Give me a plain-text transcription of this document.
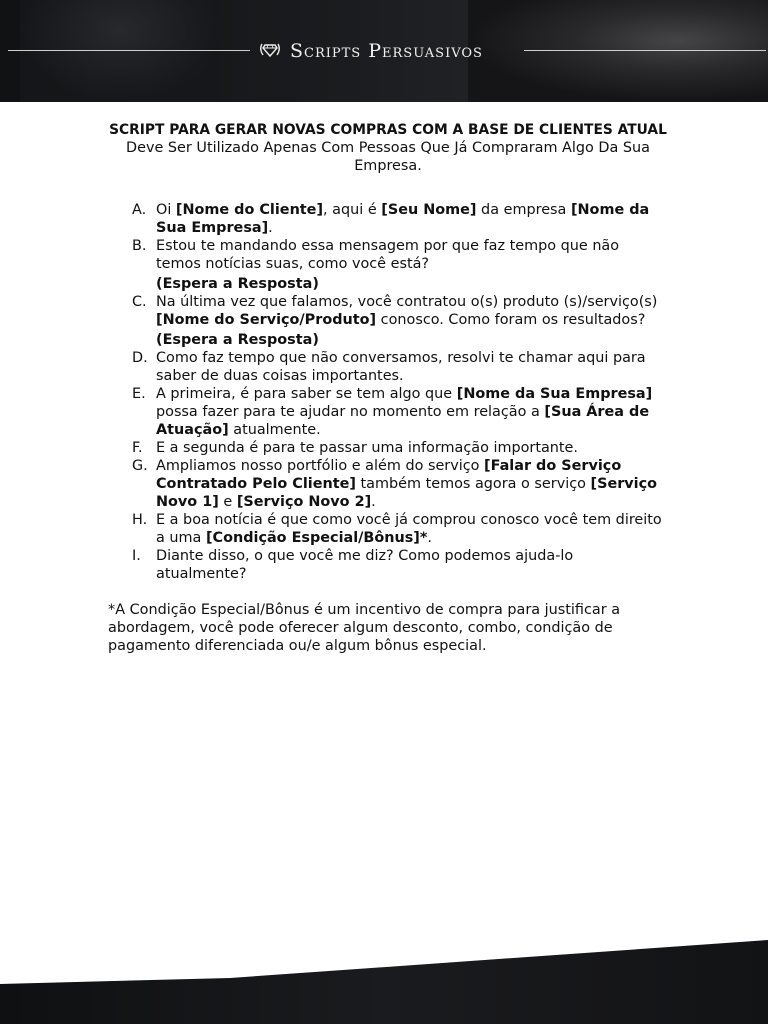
Scripts Persuasivos
SCRIPT PARA GERAR NOVAS COMPRAS COM A BASE DE CLIENTES ATUAL
Deve Ser Utilizado Apenas Com Pessoas Que Já Compraram Algo Da Sua Empresa.
A. Oi [Nome do Cliente], aqui é [Seu Nome] da empresa [Nome da Sua Empresa].
B. Estou te mandando essa mensagem por que faz tempo que não temos notícias suas, como você está?
(Espera a Resposta)
C. Na última vez que falamos, você contratou o(s) produto (s)/serviço(s) [Nome do Serviço/Produto] conosco. Como foram os resultados?
(Espera a Resposta)
D. Como faz tempo que não conversamos, resolvi te chamar aqui para saber de duas coisas importantes.
E. A primeira, é para saber se tem algo que [Nome da Sua Empresa] possa fazer para te ajudar no momento em relação a [Sua Área de Atuação] atualmente.
F. E a segunda é para te passar uma informação importante.
G. Ampliamos nosso portfólio e além do serviço [Falar do Serviço Contratado Pelo Cliente] também temos agora o serviço [Serviço Novo 1] e [Serviço Novo 2].
H. E a boa notícia é que como você já comprou conosco você tem direito a uma [Condição Especial/Bônus]*.
I.	Diante disso, o que você me diz? Como podemos ajuda-lo atualmente?
*A Condição Especial/Bônus é um incentivo de compra para justificar a abordagem, você pode oferecer algum desconto, combo, condição de pagamento diferenciada ou/e algum bônus especial.
